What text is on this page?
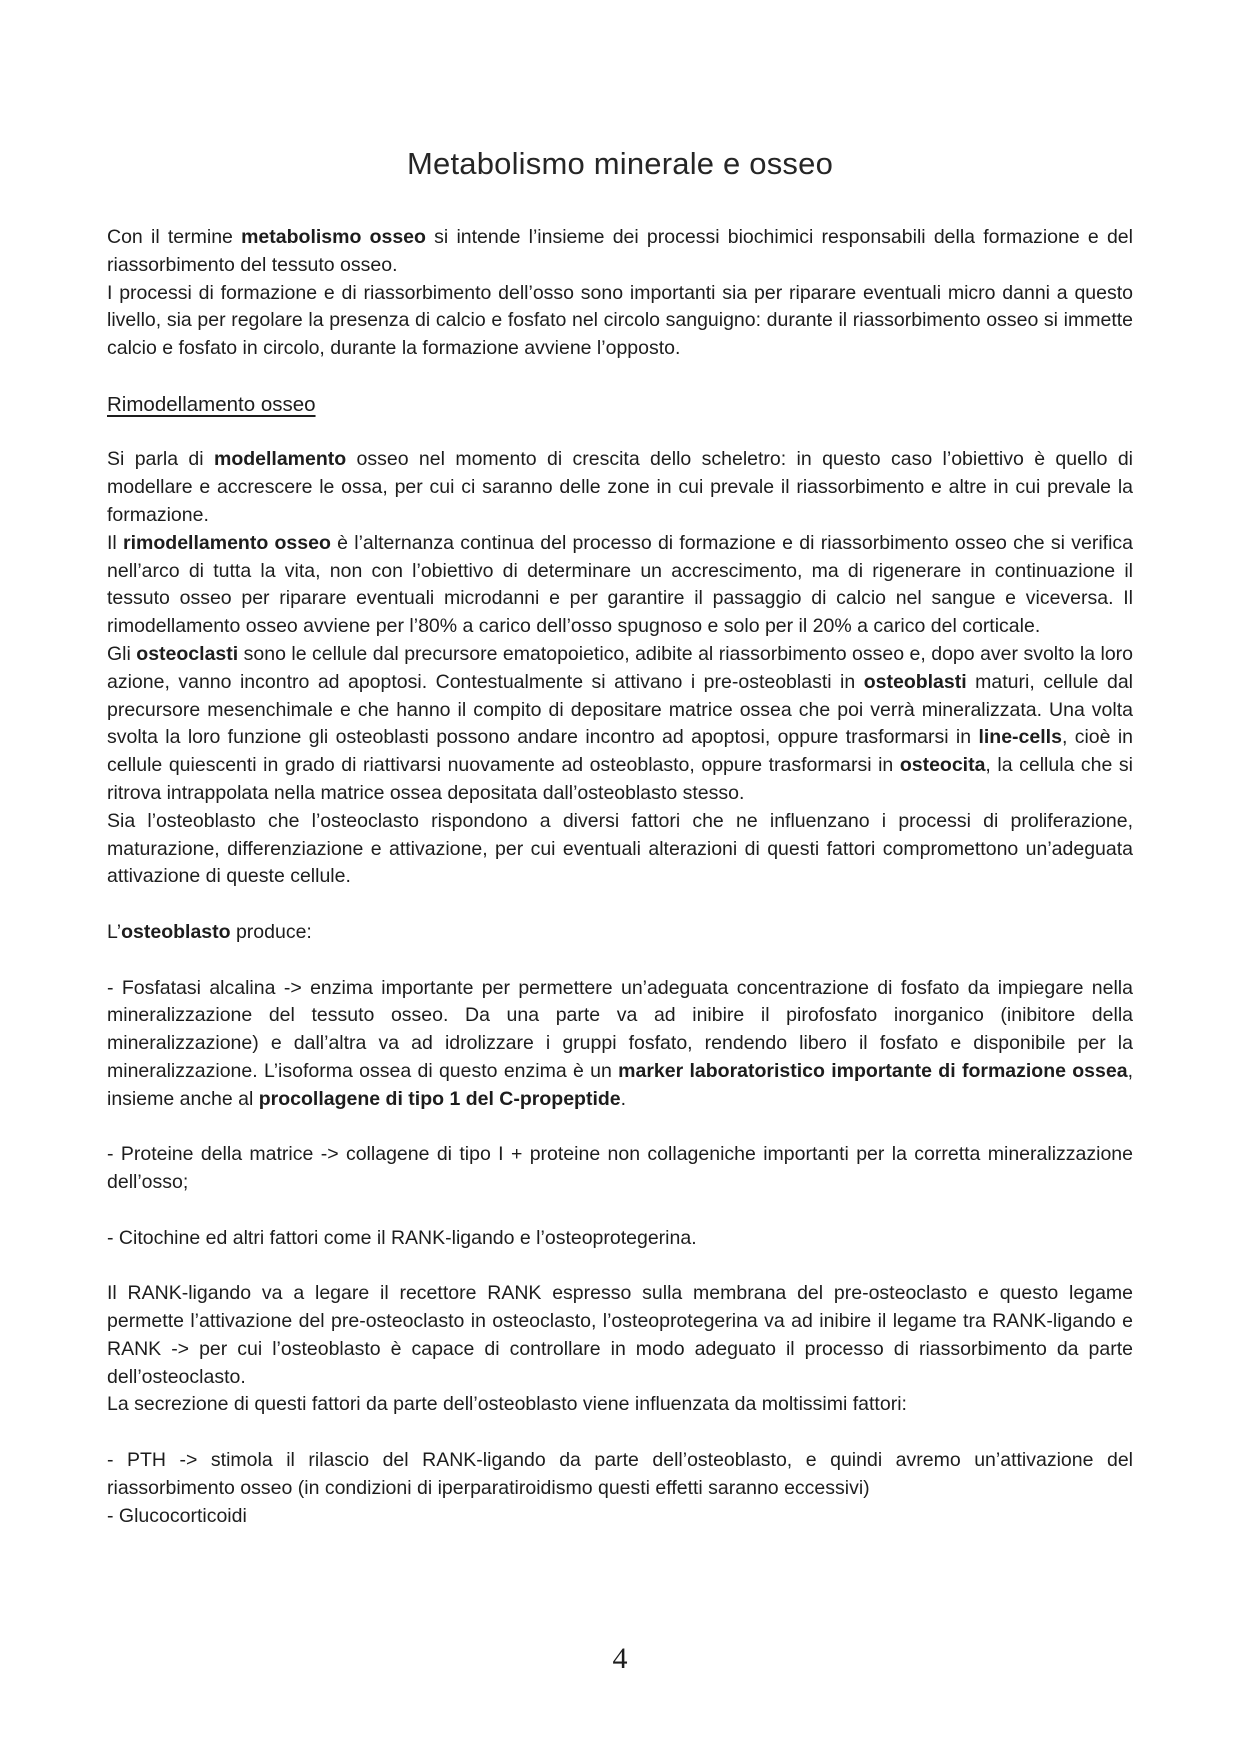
Metabolismo minerale e osseo

Con il termine metabolismo osseo si intende l’insieme dei processi biochimici responsabili della formazione e del riassorbimento del tessuto osseo.

I processi di formazione e di riassorbimento dell’osso sono importanti sia per riparare eventuali micro danni a questo livello, sia per regolare la presenza di calcio e fosfato nel circolo sanguigno: durante il riassorbimento osseo si immette calcio e fosfato in circolo, durante la formazione avviene l’opposto.

Rimodellamento osseo

Si parla di modellamento osseo nel momento di crescita dello scheletro: in questo caso l’obiettivo è quello di modellare e accrescere le ossa, per cui ci saranno delle zone in cui prevale il riassorbimento e altre in cui prevale la formazione.

Il rimodellamento osseo è l’alternanza continua del processo di formazione e di riassorbimento osseo che si verifica nell’arco di tutta la vita, non con l’obiettivo di determinare un accrescimento, ma di rigenerare in continuazione il tessuto osseo per riparare eventuali microdanni e per garantire il passaggio di calcio nel sangue e viceversa. Il rimodellamento osseo avviene per l’80% a carico dell’osso spugnoso e solo per il 20% a carico del corticale.

Gli osteoclasti sono le cellule dal precursore ematopoietico, adibite al riassorbimento osseo e, dopo aver svolto la loro azione, vanno incontro ad apoptosi. Contestualmente si attivano i pre-osteoblasti in osteoblasti maturi, cellule dal precursore mesenchimale e che hanno il compito di depositare matrice ossea che poi verrà mineralizzata. Una volta svolta la loro funzione gli osteoblasti possono andare incontro ad apoptosi, oppure trasformarsi in line-cells, cioè in cellule quiescenti in grado di riattivarsi nuovamente ad osteoblasto, oppure trasformarsi in osteocita, la cellula che si ritrova intrappolata nella matrice ossea depositata dall’osteoblasto stesso.

Sia l’osteoblasto che l’osteoclasto rispondono a diversi fattori che ne influenzano i processi di proliferazione, maturazione, differenziazione e attivazione, per cui eventuali alterazioni di questi fattori compromettono un’adeguata attivazione di queste cellule.

L’osteoblasto produce:

- Fosfatasi alcalina -> enzima importante per permettere un’adeguata concentrazione di fosfato da impiegare nella mineralizzazione del tessuto osseo. Da una parte va ad inibire il pirofosfato inorganico (inibitore della mineralizzazione) e dall’altra va ad idrolizzare i gruppi fosfato, rendendo libero il fosfato e disponibile per la mineralizzazione. L’isoforma ossea di questo enzima è un marker laboratoristico importante di formazione ossea, insieme anche al procollagene di tipo 1 del C-propeptide.

- Proteine della matrice -> collagene di tipo I + proteine non collageniche importanti per la corretta mineralizzazione dell’osso;

- Citochine ed altri fattori come il RANK-ligando e l’osteoprotegerina.

Il RANK-ligando va a legare il recettore RANK espresso sulla membrana del pre-osteoclasto e questo legame permette l’attivazione del pre-osteoclasto in osteoclasto, l’osteoprotegerina va ad inibire il legame tra RANK-ligando e RANK -> per cui l’osteoblasto è capace di controllare in modo adeguato il processo di riassorbimento da parte dell’osteoclasto.

La secrezione di questi fattori da parte dell’osteoblasto viene influenzata da moltissimi fattori:

- PTH -> stimola il rilascio del RANK-ligando da parte dell’osteoblasto, e quindi avremo un’attivazione del riassorbimento osseo (in condizioni di iperparatiroidismo questi effetti saranno eccessivi)

- Glucocorticoidi

4
